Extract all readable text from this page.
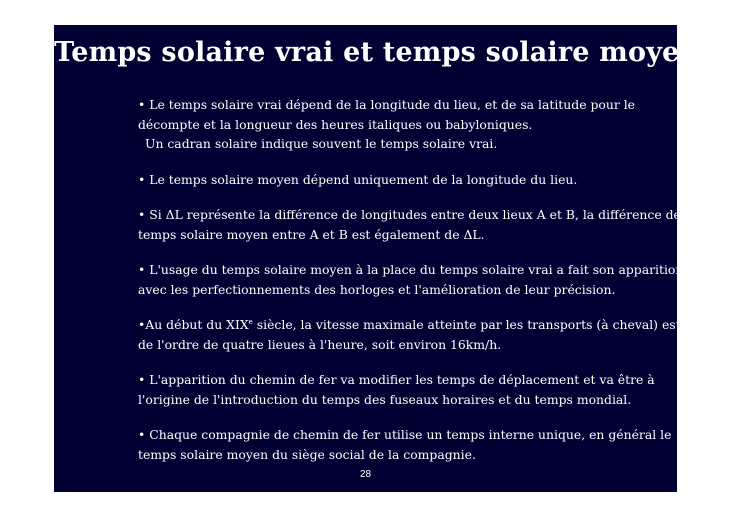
Temps solaire vrai et temps solaire moyen
• Le temps solaire vrai dépend de la longitude du lieu, et de sa latitude pour le
décompte et la longueur des heures italiques ou babyloniques.
Un cadran solaire indique souvent le temps solaire vrai.
• Le temps solaire moyen dépend uniquement de la longitude du lieu.
• Si ΔL représente la différence de longitudes entre deux lieux A et B, la différence de
temps solaire moyen entre A et B est également de ΔL.
• L'usage du temps solaire moyen à la place du temps solaire vrai a fait son apparition
avec les perfectionnements des horloges et l'amélioration de leur précision.
•Au début du XIXe siècle, la vitesse maximale atteinte par les transports (à cheval) est
de l'ordre de quatre lieues à l'heure, soit environ 16km/h.
• L'apparition du chemin de fer va modifier les temps de déplacement et va être à
l'origine de l'introduction du temps des fuseaux horaires et du temps mondial.
• Chaque compagnie de chemin de fer utilise un temps interne unique, en général le
temps solaire moyen du siège social de la compagnie.
28
